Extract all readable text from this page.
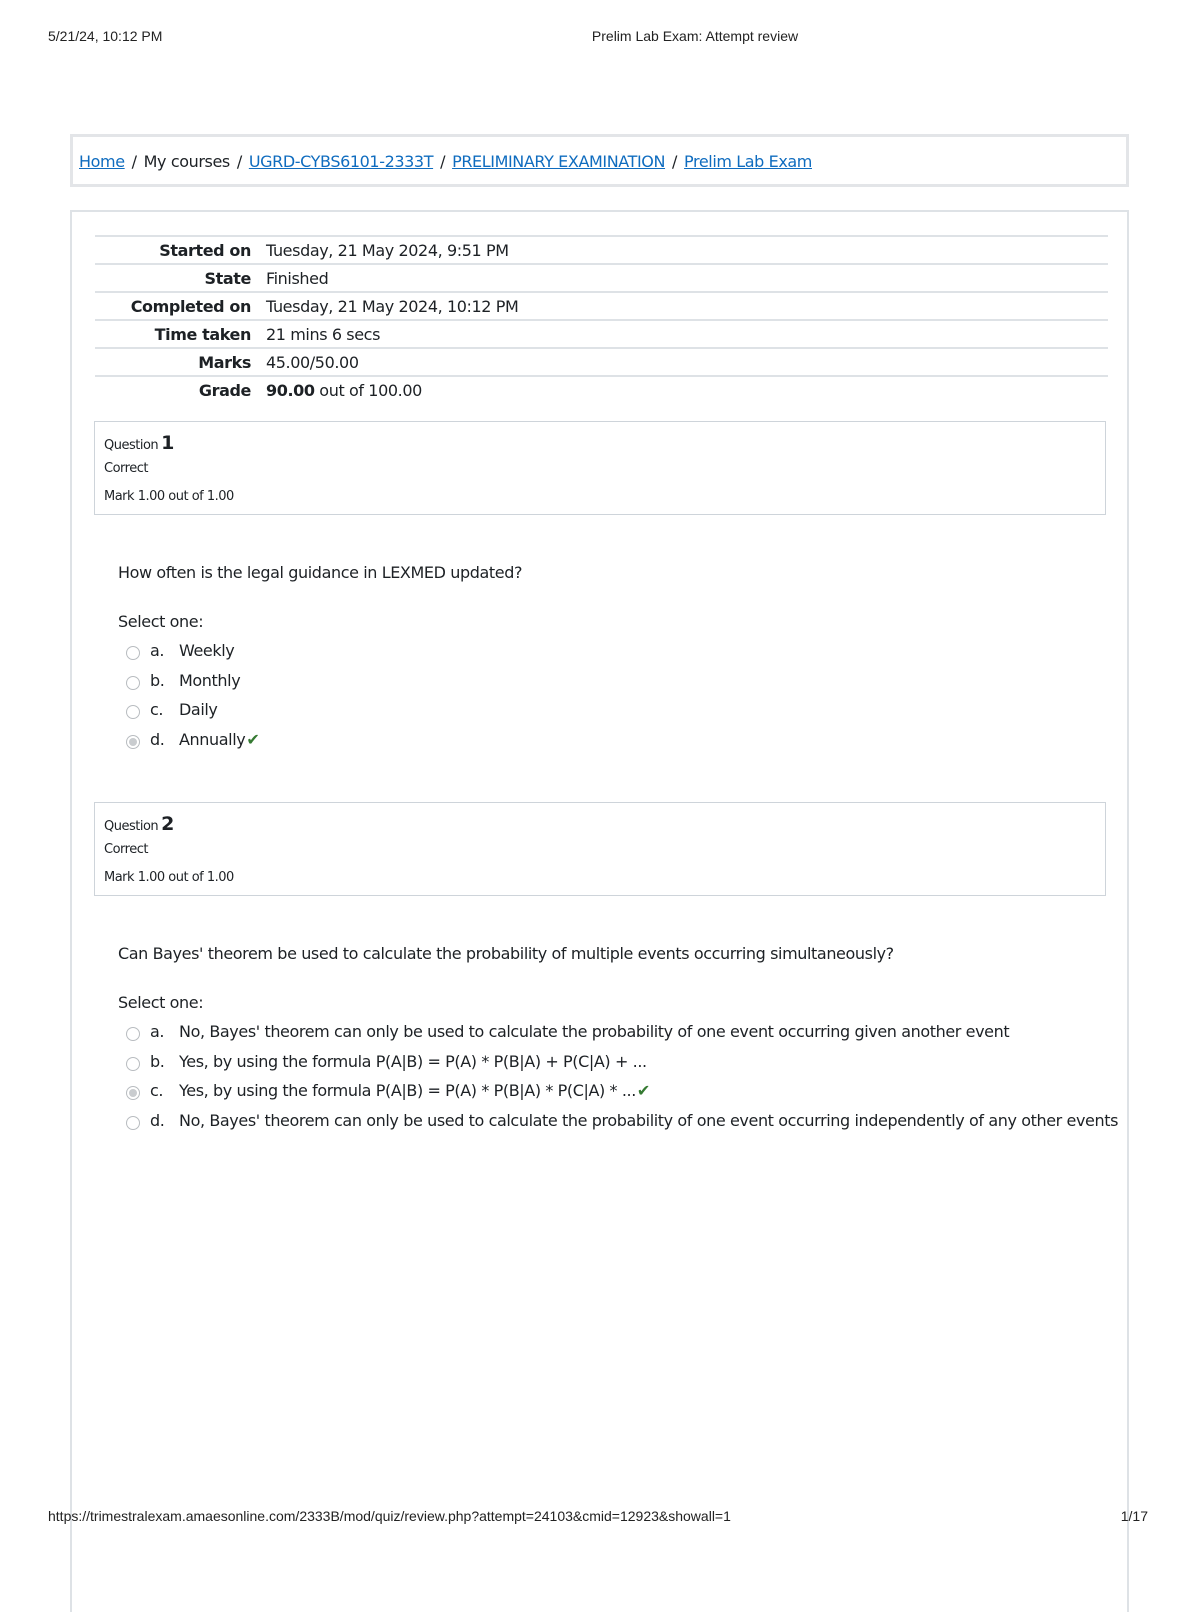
5/21/24, 10:12 PM	Prelim Lab Exam: Attempt review
Home / My courses / UGRD-CYBS6101-2333T / PRELIMINARY EXAMINATION / Prelim Lab Exam
Started on Tuesday, 21 May 2024, 9:51 PM
State Finished
Completed on Tuesday, 21 May 2024, 10:12 PM
Time taken 21 mins 6 secs
Marks 45.00/50.00
Grade 90.00 out of 100.00
Question 1
Correct
Mark 1.00 out of 1.00
How often is the legal guidance in LEXMED updated?
Select one:
a. Weekly
b. Monthly
c. Daily
d. Annually✔
Question 2
Correct
Mark 1.00 out of 1.00
Can Bayes' theorem be used to calculate the probability of multiple events occurring simultaneously?
Select one:
a. No, Bayes' theorem can only be used to calculate the probability of one event occurring given another event
b. Yes, by using the formula P(A|B) = P(A) * P(B|A) + P(C|A) + ...
c. Yes, by using the formula P(A|B) = P(A) * P(B|A) * P(C|A) * ...✔
d. No, Bayes' theorem can only be used to calculate the probability of one event occurring independently of any other events
https://trimestralexam.amaesonline.com/2333B/mod/quiz/review.php?attempt=24103&cmid=12923&showall=1	1/17
